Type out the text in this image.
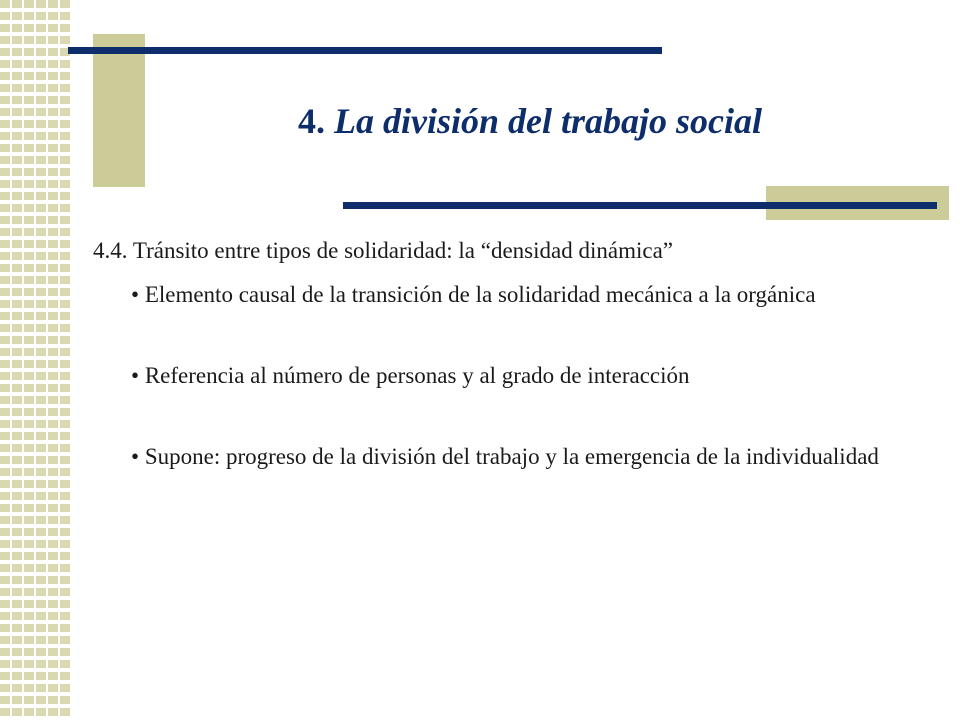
4. La división del trabajo social

4.4. Tránsito entre tipos de solidaridad: la “densidad dinámica”

• Elemento causal de la transición de la solidaridad mecánica a la orgánica
• Referencia al número de personas y al grado de interacción
• Supone: progreso de la división del trabajo y la emergencia de la individualidad
